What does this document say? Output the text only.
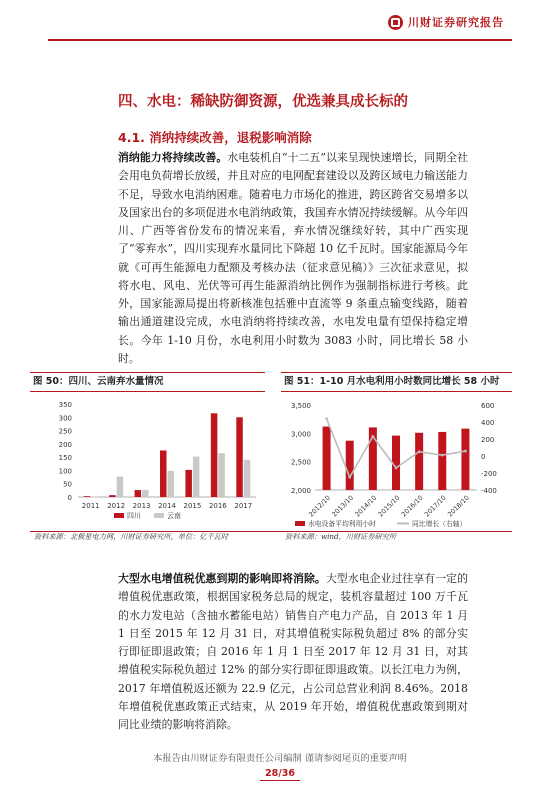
川财证券研究报告
四、水电：稀缺防御资源，优选兼具成长标的
4.1. 消纳持续改善，退税影响消除

消纳能力将持续改善。水电装机自“十二五”以来呈现快速增长，同期全社会用电负荷增长放缓，并且对应的电网配套建设以及跨区域电力输送能力不足，导致水电消纳困难。随着电力市场化的推进，跨区跨省交易增多以及国家出台的多项促进水电消纳政策，我国弃水情况持续缓解。从今年四川、广西等省份发布的情况来看，弃水情况继续好转，其中广西实现了“零弃水”，四川实现弃水量同比下降超 10 亿千瓦时。国家能源局今年就《可再生能源电力配额及考核办法（征求意见稿）》三次征求意见，拟将水电、风电、光伏等可再生能源消纳比例作为强制指标进行考核。此外，国家能源局提出将新核准包括雅中直流等 9 条重点输变线路，随着输出通道建设完成，水电消纳将持续改善，水电发电量有望保持稳定增长。今年 1-10 月份，水电利用小时数为 3083 小时，同比增长 58 小时。

图 50：四川、云南弃水量情况
0
50
100
150
200
250
300
350
2011 2012 2013 2014 2015 2016 2017
四川	云南
资料来源：北极星电力网，川财证券研究所，单位：亿千瓦时
图 51：1-10 月水电利用小时数同比增长 58 小时
2,000
2,500
3,000
3,500
-400
-200
0
200
400
600
2012/10
2013/10
2014/10
2015/10
2016/10
2017/10
2018/10
水电设备平均利用小时	同比增长（右轴）
资料来源：wind，川财证券研究所

大型水电增值税优惠到期的影响即将消除。大型水电企业过往享有一定的增值税优惠政策，根据国家税务总局的规定，装机容量超过 100 万千瓦的水力发电站（含抽水蓄能电站）销售自产电力产品，自 2013 年 1 月 1 日至 2015 年 12 月 31 日，对其增值税实际税负超过 8% 的部分实行即征即退政策；自 2016 年 1 月 1 日至 2017 年 12 月 31 日，对其增值税实际税负超过 12% 的部分实行即征即退政策。以长江电力为例，2017 年增值税返还额为 22.9 亿元，占公司总营业利润 8.46%。2018 年增值税优惠政策正式结束，从 2019 年开始，增值税优惠政策到期对同比业绩的影响将消除。

本报告由川财证券有限责任公司编制 谨请参阅尾页的重要声明
28/36
